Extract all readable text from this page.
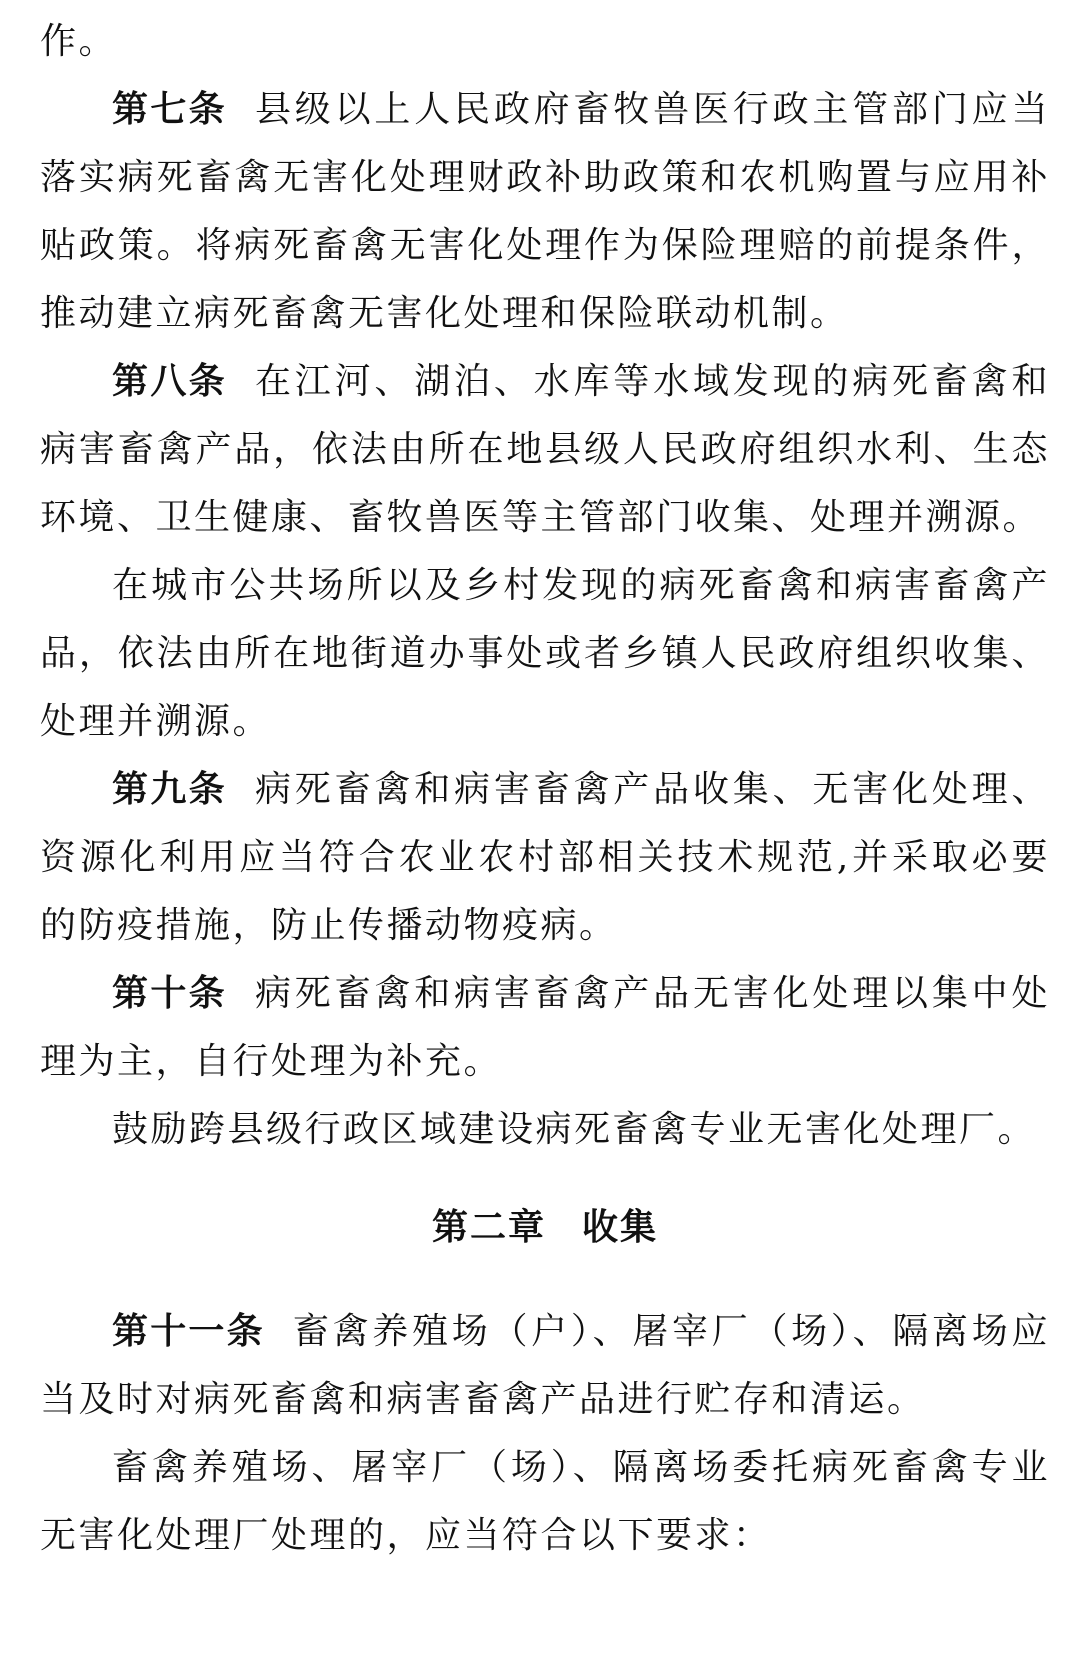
作。

第七条 县级以上人民政府畜牧兽医行政主管部门应当落实病死畜禽无害化处理财政补助政策和农机购置与应用补贴政策。将病死畜禽无害化处理作为保险理赔的前提条件，推动建立病死畜禽无害化处理和保险联动机制。

第八条 在江河、湖泊、水库等水域发现的病死畜禽和病害畜禽产品，依法由所在地县级人民政府组织水利、生态环境、卫生健康、畜牧兽医等主管部门收集、处理并溯源。

在城市公共场所以及乡村发现的病死畜禽和病害畜禽产品，依法由所在地街道办事处或者乡镇人民政府组织收集、处理并溯源。

第九条 病死畜禽和病害畜禽产品收集、无害化处理、资源化利用应当符合农业农村部相关技术规范,并采取必要的防疫措施，防止传播动物疫病。

第十条 病死畜禽和病害畜禽产品无害化处理以集中处理为主，自行处理为补充。

鼓励跨县级行政区域建设病死畜禽专业无害化处理厂。

第二章 收集

第十一条 畜禽养殖场（户）、屠宰厂（场）、隔离场应当及时对病死畜禽和病害畜禽产品进行贮存和清运。

畜禽养殖场、屠宰厂（场）、隔离场委托病死畜禽专业无害化处理厂处理的，应当符合以下要求：
